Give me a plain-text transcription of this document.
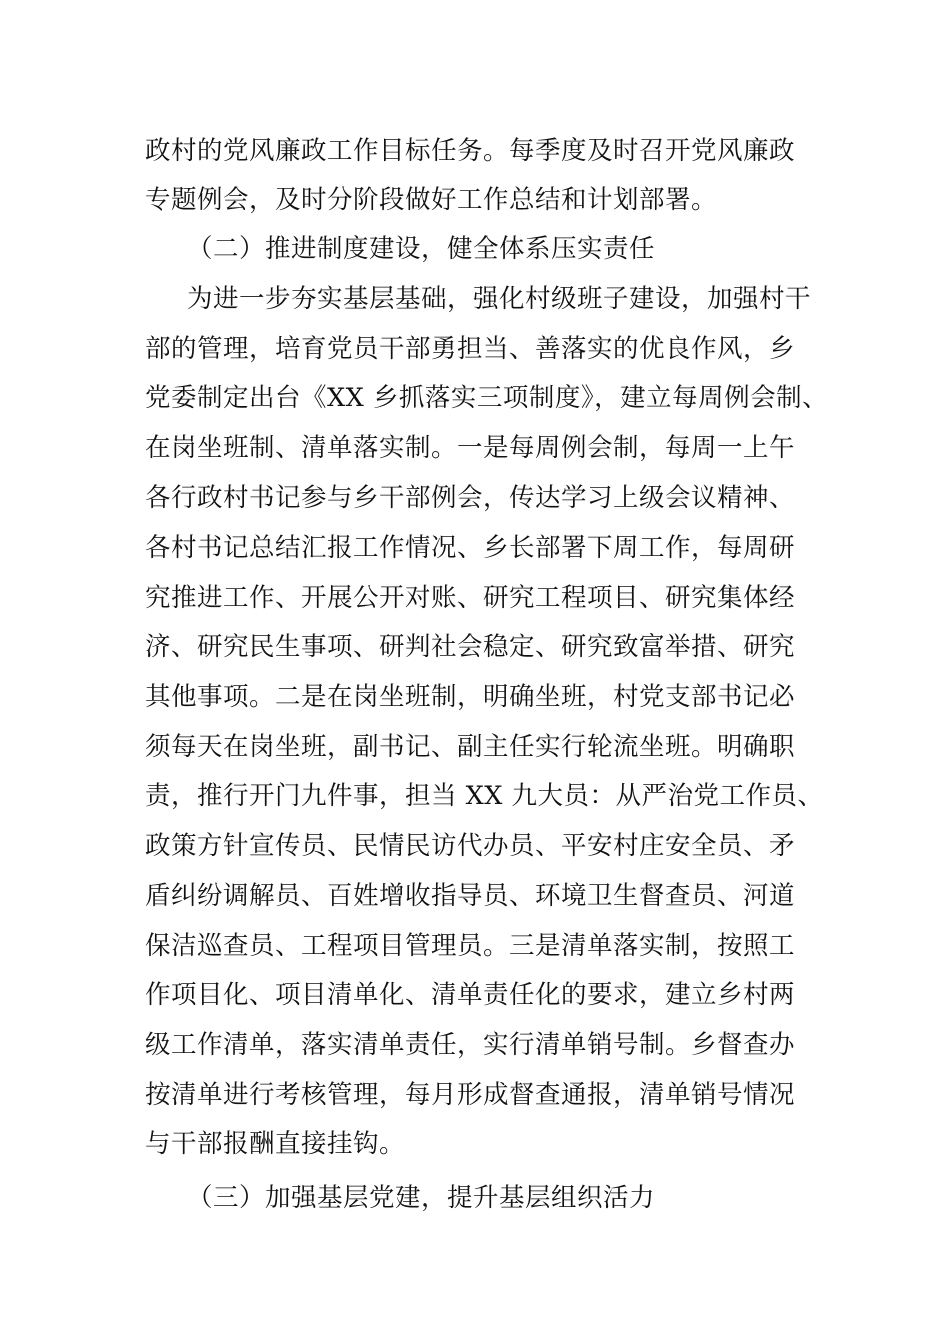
政村的党风廉政工作目标任务。每季度及时召开党风廉政
专题例会，及时分阶段做好工作总结和计划部署。
（二）推进制度建设，健全体系压实责任
为进一步夯实基层基础，强化村级班子建设，加强村干
部的管理，培育党员干部勇担当、善落实的优良作风，乡
党委制定出台《XX 乡抓落实三项制度》，建立每周例会制、
在岗坐班制、清单落实制。一是每周例会制，每周一上午
各行政村书记参与乡干部例会，传达学习上级会议精神、
各村书记总结汇报工作情况、乡长部署下周工作，每周研
究推进工作、开展公开对账、研究工程项目、研究集体经
济、研究民生事项、研判社会稳定、研究致富举措、研究
其他事项。二是在岗坐班制，明确坐班，村党支部书记必
须每天在岗坐班，副书记、副主任实行轮流坐班。明确职
责，推行开门九件事，担当 XX 九大员：从严治党工作员、
政策方针宣传员、民情民访代办员、平安村庄安全员、矛
盾纠纷调解员、百姓增收指导员、环境卫生督查员、河道
保洁巡查员、工程项目管理员。三是清单落实制，按照工
作项目化、项目清单化、清单责任化的要求，建立乡村两
级工作清单，落实清单责任，实行清单销号制。乡督查办
按清单进行考核管理，每月形成督查通报，清单销号情况
与干部报酬直接挂钩。
（三）加强基层党建，提升基层组织活力
